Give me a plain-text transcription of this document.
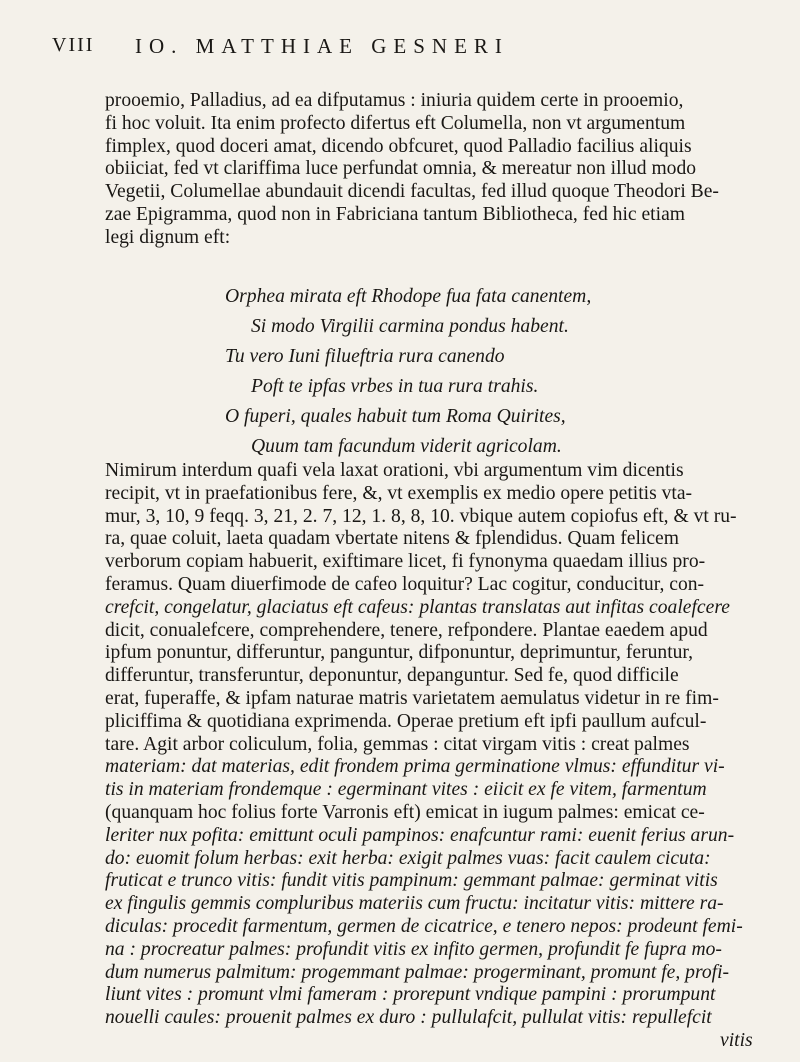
VIII IO. MATTHIAE GESNERI
prooemio, Palladius, ad ea difputamus : iniuria quidem certe in prooemio,
fi hoc voluit. Ita enim profecto difertus eft Columella, non vt argumentum
fimplex, quod doceri amat, dicendo obfcuret, quod Palladio facilius aliquis
obiiciat, fed vt clariffima luce perfundat omnia, & mereatur non illud modo
Vegetii, Columellae abundauit dicendi facultas, fed illud quoque Theodori Be-
zae Epigramma, quod non in Fabriciana tantum Bibliotheca, fed hic etiam
legi dignum eft:
Orphea mirata eft Rhodope fua fata canentem,
Si modo Virgilii carmina pondus habent.
Tu vero Iuni filueftria rura canendo
Poft te ipfas vrbes in tua rura trahis.
O fuperi, quales habuit tum Roma Quirites,
Quum tam facundum viderit agricolam.
Nimirum interdum quafi vela laxat orationi, vbi argumentum vim dicentis
recipit, vt in praefationibus fere, &, vt exemplis ex medio opere petitis vta-
mur, 3, 10, 9 feqq. 3, 21, 2. 7, 12, 1. 8, 8, 10. vbique autem copiofus eft, & vt ru-
ra, quae coluit, laeta quadam vbertate nitens & fplendidus. Quam felicem
verborum copiam habuerit, exiftimare licet, fi fynonyma quaedam illius pro-
feramus. Quam diuerfimode de cafeo loquitur? Lac cogitur, conducitur, con-
crefcit, congelatur, glaciatus eft cafeus: plantas translatas aut infitas coalefcere
dicit, conualefcere, comprehendere, tenere, refpondere. Plantae eaedem apud
ipfum ponuntur, differuntur, panguntur, difponuntur, deprimuntur, feruntur,
differuntur, transferuntur, deponuntur, depanguntur. Sed fe, quod difficile
erat, fuperaffe, & ipfam naturae matris varietatem aemulatus videtur in re fim-
pliciffima & quotidiana exprimenda. Operae pretium eft ipfi paullum aufcul-
tare. Agit arbor coliculum, folia, gemmas : citat virgam vitis : creat palmes
materiam: dat materias, edit frondem prima germinatione vlmus: effunditur vi-
tis in materiam frondemque : egerminant vites : eiicit ex fe vitem, farmentum
(quanquam hoc folius forte Varronis eft) emicat in iugum palmes: emicat ce-
leriter nux pofita: emittunt oculi pampinos: enafcuntur rami: euenit ferius arun-
do: euomit folum herbas: exit herba: exigit palmes vuas: facit caulem cicuta:
fruticat e trunco vitis: fundit vitis pampinum: gemmant palmae: germinat vitis
ex fingulis gemmis compluribus materiis cum fructu: incitatur vitis: mittere ra-
diculas: procedit farmentum, germen de cicatrice, e tenero nepos: prodeunt femi-
na : procreatur palmes: profundit vitis ex infito germen, profundit fe fupra mo-
dum numerus palmitum: progemmant palmae: progerminant, promunt fe, profi-
liunt vites : promunt vlmi fameram : prorepunt vndique pampini : prorumpunt
nouelli caules: prouenit palmes ex duro : pullulafcit, pullulat vitis: repullefcit
vitis
